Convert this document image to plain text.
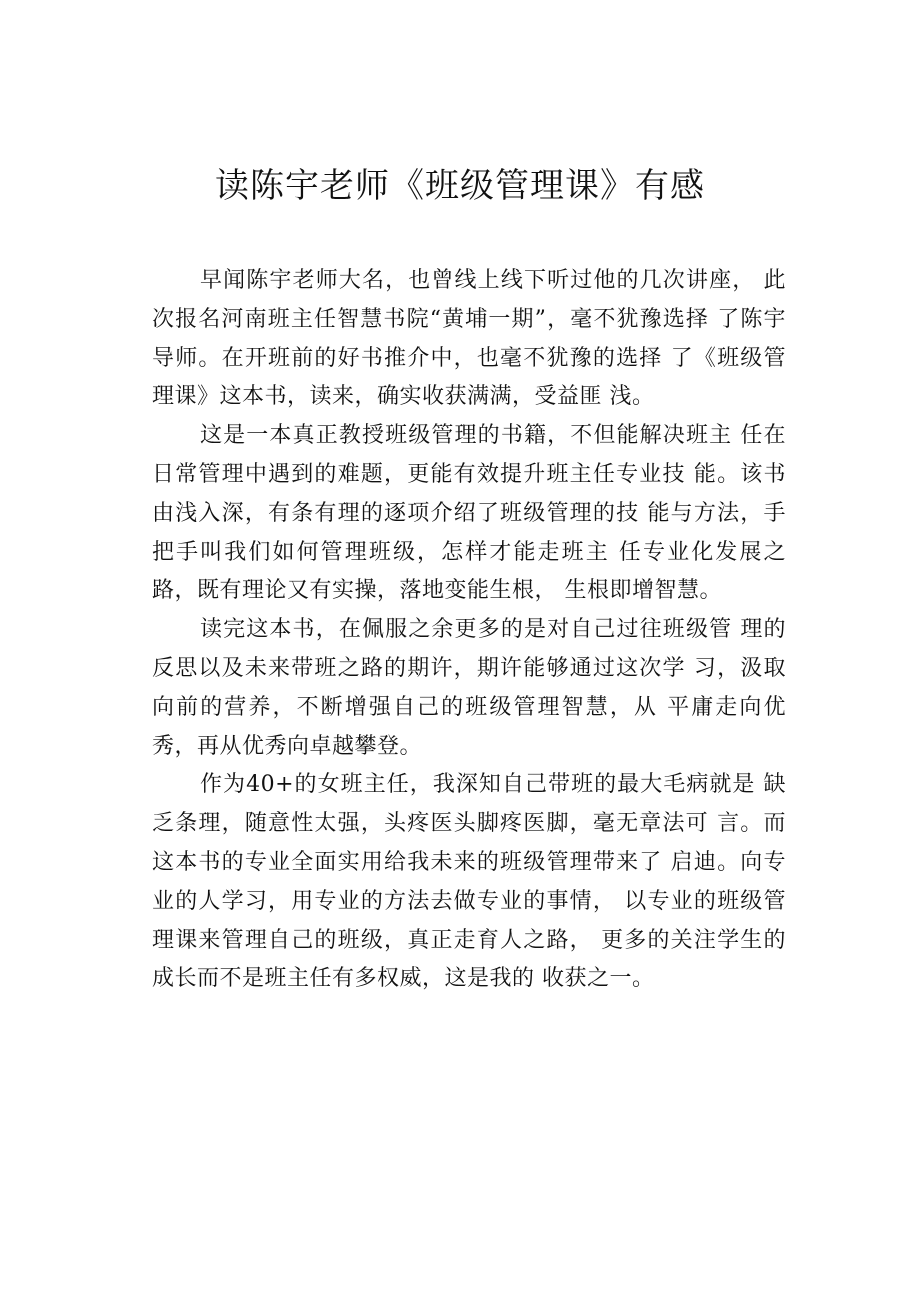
读陈宇老师《班级管理课》有感

早闻陈宇老师大名，也曾线上线下听过他的几次讲座， 此次报名河南班主任智慧书院“黄埔一期”，毫不犹豫选择 了陈宇导师。在开班前的好书推介中，也毫不犹豫的选择 了《班级管理课》这本书，读来，确实收获满满，受益匪 浅。

这是一本真正教授班级管理的书籍，不但能解决班主 任在日常管理中遇到的难题，更能有效提升班主任专业技 能。该书由浅入深，有条有理的逐项介绍了班级管理的技 能与方法，手把手叫我们如何管理班级，怎样才能走班主 任专业化发展之路，既有理论又有实操，落地变能生根， 生根即增智慧。

读完这本书，在佩服之余更多的是对自己过往班级管 理的反思以及未来带班之路的期许，期许能够通过这次学 习，汲取向前的营养，不断增强自己的班级管理智慧，从 平庸走向优秀，再从优秀向卓越攀登。

作为40+的女班主任，我深知自己带班的最大毛病就是 缺乏条理，随意性太强，头疼医头脚疼医脚，毫无章法可 言。而这本书的专业全面实用给我未来的班级管理带来了 启迪。向专业的人学习，用专业的方法去做专业的事情， 以专业的班级管理课来管理自己的班级，真正走育人之路， 更多的关注学生的成长而不是班主任有多权威，这是我的 收获之一。
